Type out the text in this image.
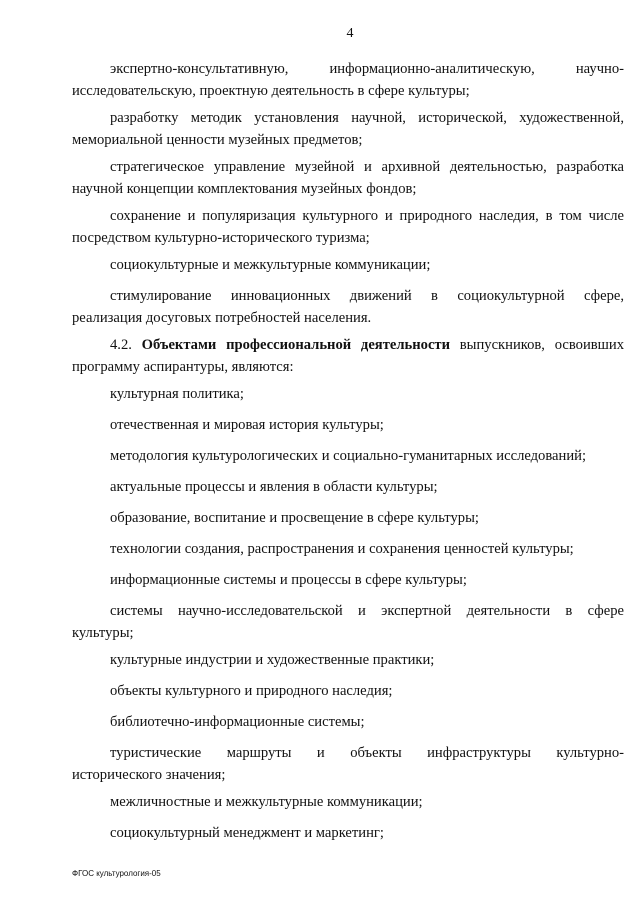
4
экспертно-консультативную, информационно-аналитическую, научно-
исследовательскую, проектную деятельность в сфере культуры;
разработку методик установления научной, исторической, художественной,
мемориальной ценности музейных предметов;
стратегическое управление музейной и архивной деятельностью, разработка
научной концепции комплектования музейных фондов;
сохранение и популяризация культурного и природного наследия, в том числе
посредством культурно-исторического туризма;
социокультурные и межкультурные коммуникации;
стимулирование инновационных движений в социокультурной сфере,
реализация досуговых потребностей населения.
4.2. Объектами профессиональной деятельности выпускников, освоивших
программу аспирантуры, являются:
культурная политика;
отечественная и мировая история культуры;
методология культурологических и социально-гуманитарных исследований;
актуальные процессы и явления в области культуры;
образование, воспитание и просвещение в сфере культуры;
технологии создания, распространения и сохранения ценностей культуры;
информационные системы и процессы в сфере культуры;
системы научно-исследовательской и экспертной деятельности в сфере
культуры;
культурные индустрии и художественные практики;
объекты культурного и природного наследия;
библиотечно-информационные системы;
туристические маршруты и объекты инфраструктуры культурно-
исторического значения;
межличностные и межкультурные коммуникации;
социокультурный менеджмент и маркетинг;
ФГОС культурология-05
